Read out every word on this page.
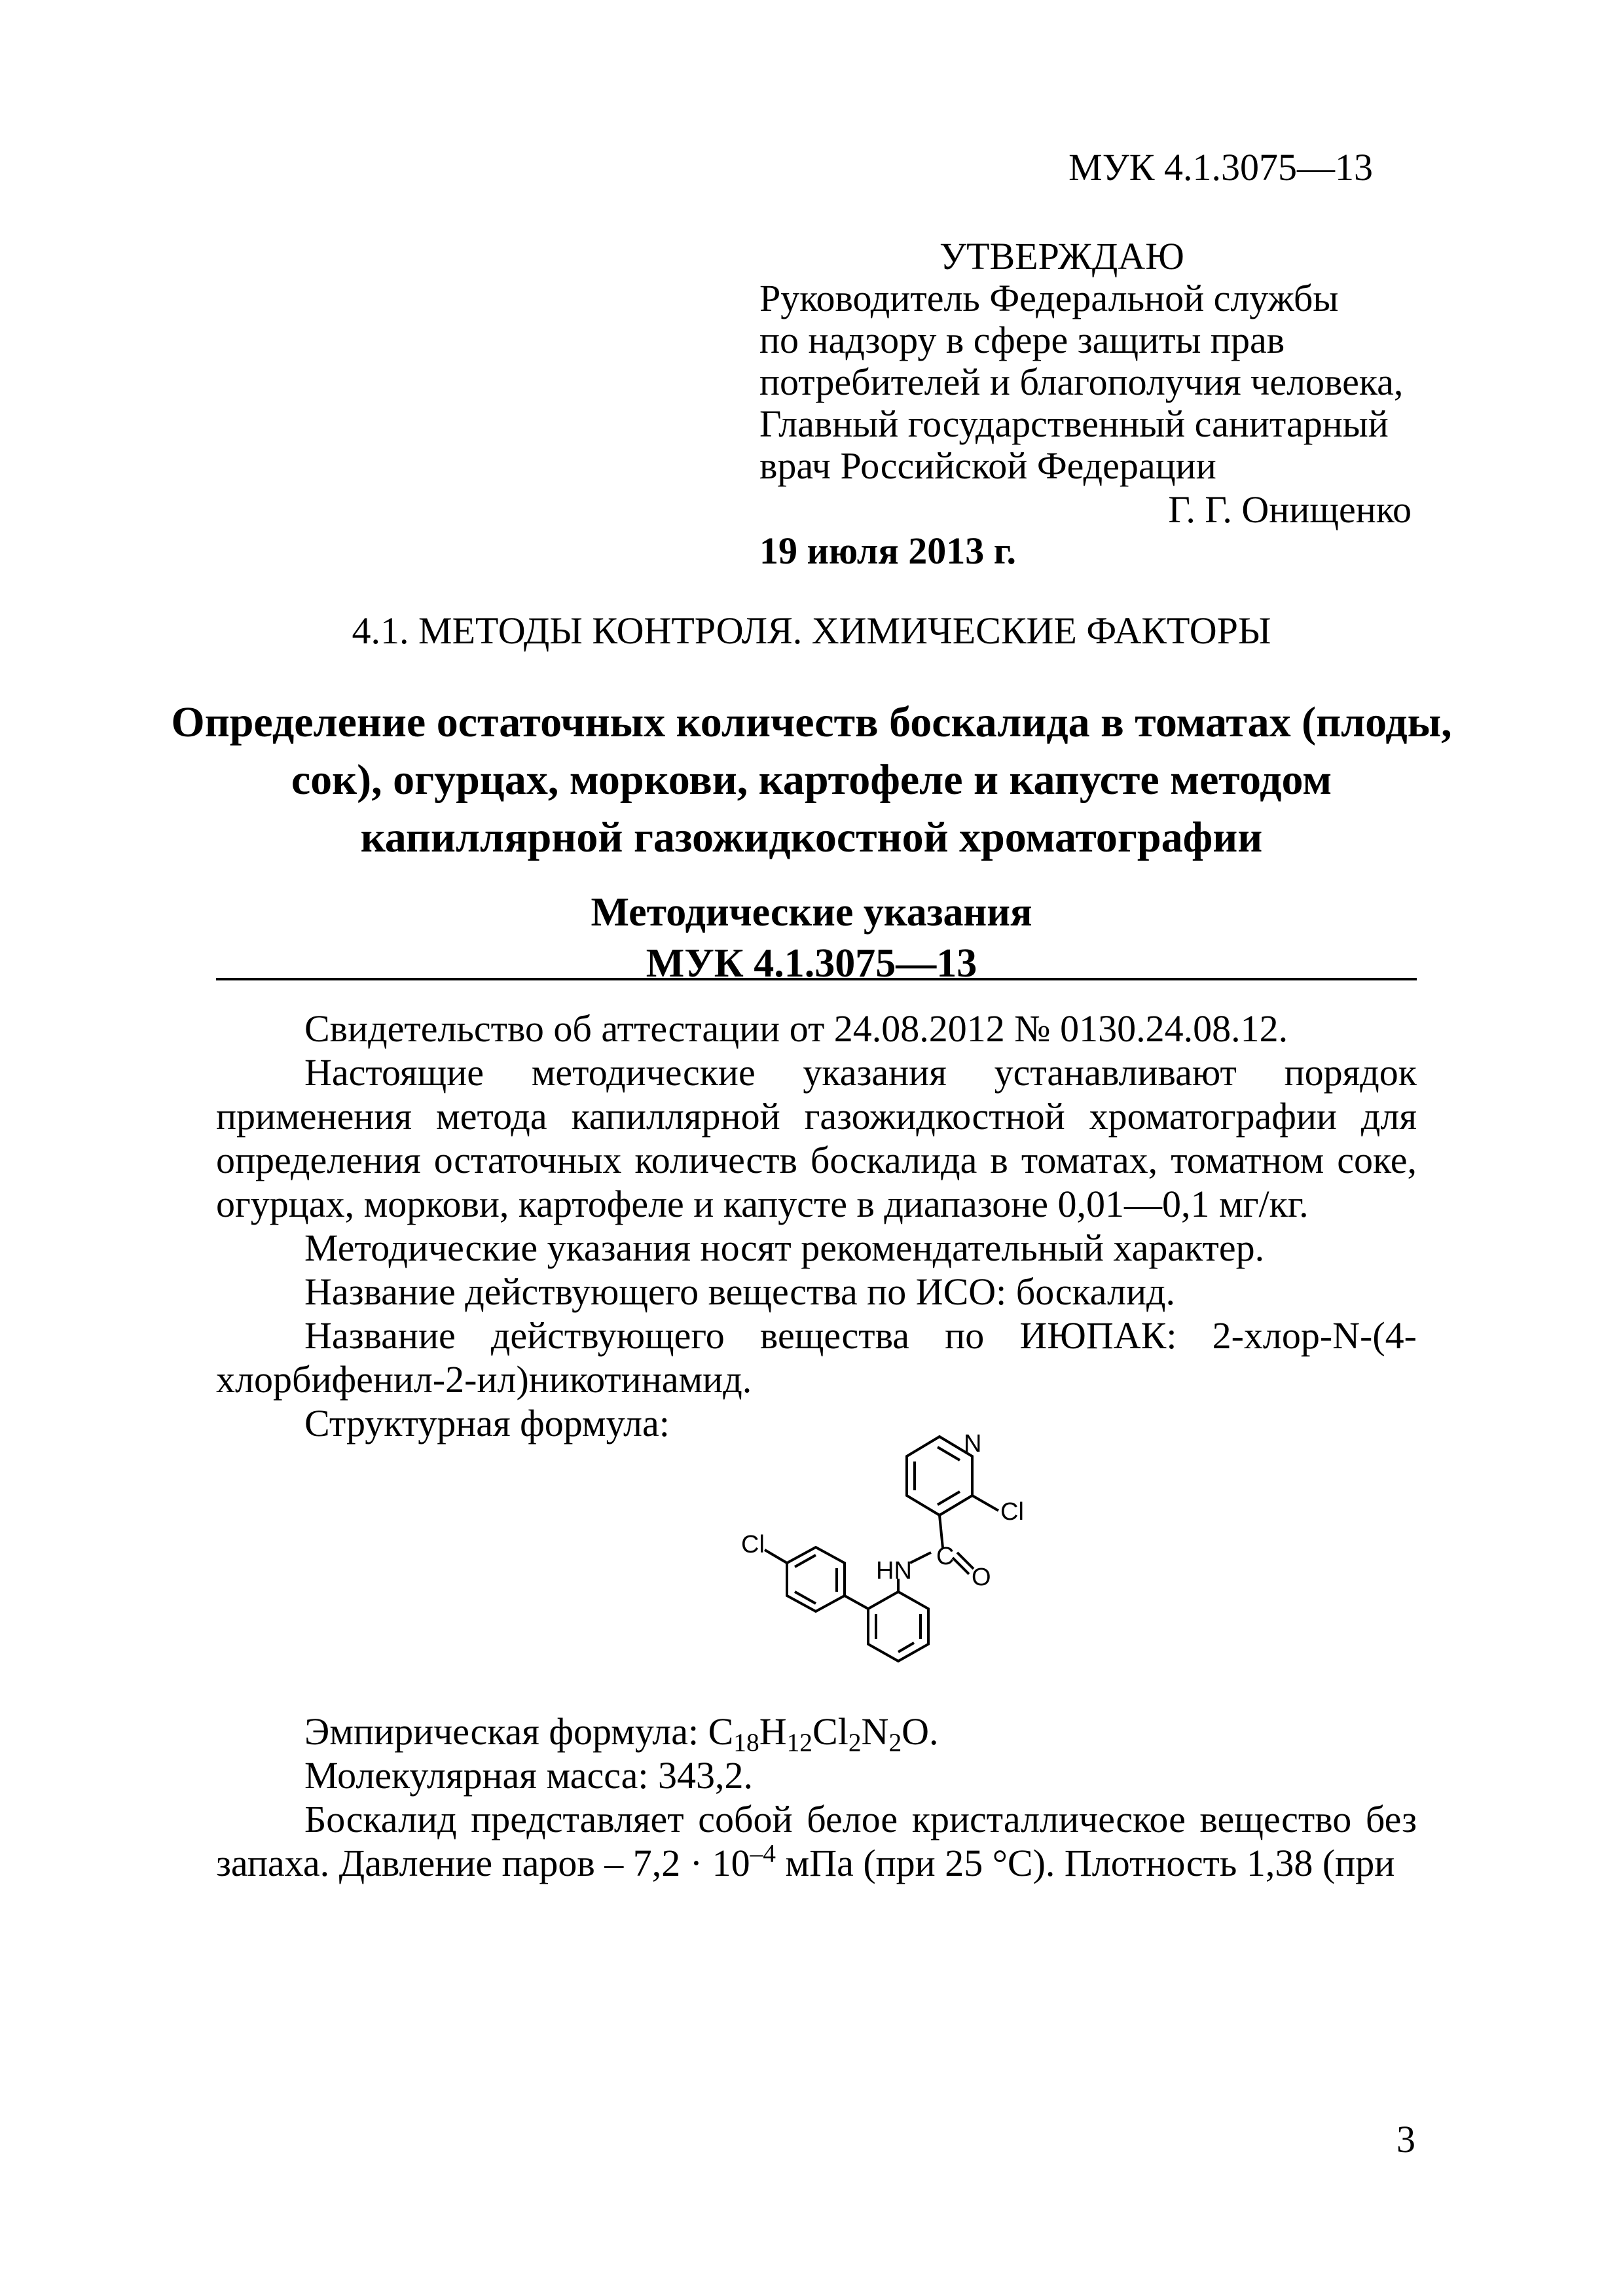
МУК 4.1.3075—13
УТВЕРЖДАЮ
Руководитель Федеральной службы
по надзору в сфере защиты прав
потребителей и благополучия человека,
Главный государственный санитарный
врач Российской Федерации
Г. Г. Онищенко
19 июля 2013 г.
4.1. МЕТОДЫ КОНТРОЛЯ. ХИМИЧЕСКИЕ ФАКТОРЫ
Определение остаточных количеств боскалида в томатах (плоды, сок), огурцах, моркови, картофеле и капусте методом капиллярной газожидкостной хроматографии
Методические указания
МУК 4.1.3075—13

Свидетельство об аттестации от 24.08.2012 № 0130.24.08.12.

Настоящие методические указания устанавливают порядок применения метода капиллярной газожидкостной хроматографии для определения остаточных количеств боскалида в томатах, томатном соке, огурцах, моркови, картофеле и капусте в диапазоне 0,01—0,1 мг/кг.

Методические указания носят рекомендательный характер.

Название действующего вещества по ИСО: боскалид.

Название действующего вещества по ИЮПАК: 2-хлор-N-(4-хлорбифенил-2-ил)никотинамид.

Структурная формула:	N
Cl
C
O
HN
Cl

Эмпирическая формула: $C_{18}H_{12}Cl_2N_2O$.

Молекулярная масса: 343,2.

Боскалид представляет собой белое кристаллическое вещество без запаха. Давление паров – $7,2 \cdot 10^{-4}$ мПа (при 25 °С). Плотность 1,38 (при

3
